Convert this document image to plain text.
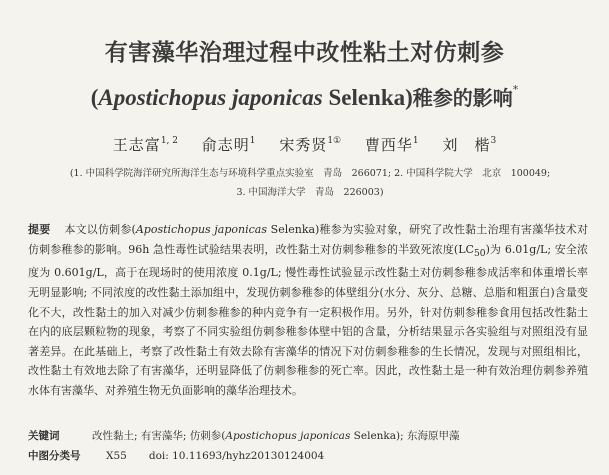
有害藻华治理过程中改性粘土对仿刺参
(Apostichopus japonicas Selenka)稚参的影响*
王志富$^{1, 2}$ 俞志明$^1$ 宋秀贤$^{1①}$ 曹西华$^1$ 刘　楷$^3$
(1. 中国科学院海洋研究所海洋生态与环境科学重点实验室　青岛　266071; 2. 中国科学院大学　北京　100049;
3. 中国海洋大学　青岛　226003)
提要 本文以仿刺参(Apostichopus japonicas Selenka)稚参为实验对象，研究了改性黏土治理有害藻华技术对仿刺参稚参的影响。96h 急性毒性试验结果表明，改性黏土对仿刺参稚参的半致死浓度$(LC_{50})$为 6.01g/L; 安全浓度为 0.601g/L，高于在现场时的使用浓度 0.1g/L; 慢性毒性试验显示改性黏土对仿刺参稚参成活率和体重增长率无明显影响; 不同浓度的改性黏土添加组中，发现仿刺参稚参的体壁组分(水分、灰分、总糖、总脂和粗蛋白)含量变化不大，改性黏土的加入对减少仿刺参稚参的种内竞争有一定积极作用。另外，针对仿刺参稚参食用包括改性黏土在内的底层颗粒物的现象，考察了不同实验组仿刺参稚参体壁中铝的含量，分析结果显示各实验组与对照组没有显著差异。在此基础上，考察了改性黏土有效去除有害藻华的情况下对仿刺参稚参的生长情况，发现与对照组相比，改性黏土有效地去除了有害藻华，还明显降低了仿刺参稚参的死亡率。因此，改性黏土是一种有效治理仿刺参养殖水体有害藻华、对养殖生物无负面影响的藻华治理技术。
关键词	改性黏土; 有害藻华; 仿刺参(Apostichopus japonicas Selenka); 东海原甲藻
中图分类号 X55 doi: 10.11693/hyhz20130124004
